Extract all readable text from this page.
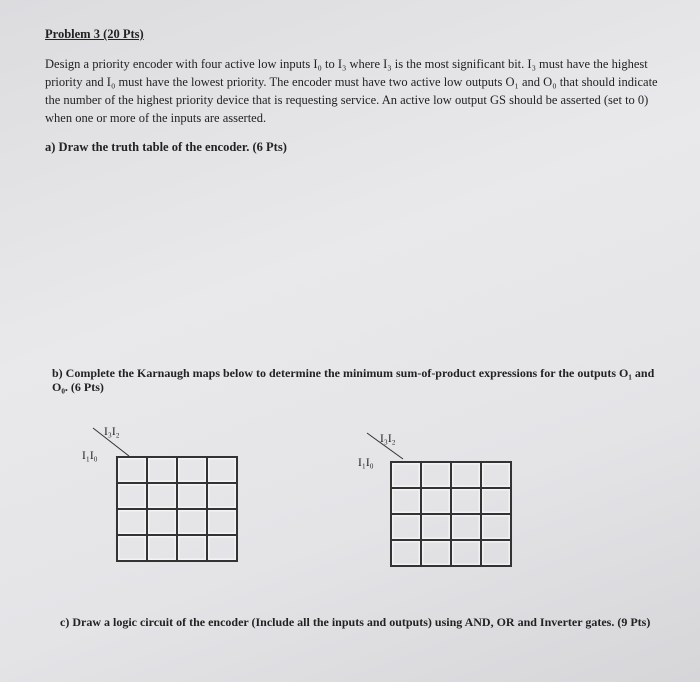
Problem 3 (20 Pts)
Design a priority encoder with four active low inputs I₀ to I₃ where I₃ is the most significant bit. I₃ must have the highest priority and I₀ must have the lowest priority. The encoder must have two active low outputs O₁ and O₀ that should indicate the number of the highest priority device that is requesting service. An active low output GS should be asserted (set to 0) when one or more of the inputs are asserted.
a) Draw the truth table of the encoder. (6 Pts)
b) Complete the Karnaugh maps below to determine the minimum sum-of-product expressions for the outputs O₁ and O₀. (6 Pts)
I₃I₂
I₁I₀
I₃I₂
I₁I₀
c) Draw a logic circuit of the encoder (Include all the inputs and outputs) using AND, OR and Inverter gates. (9 Pts)
